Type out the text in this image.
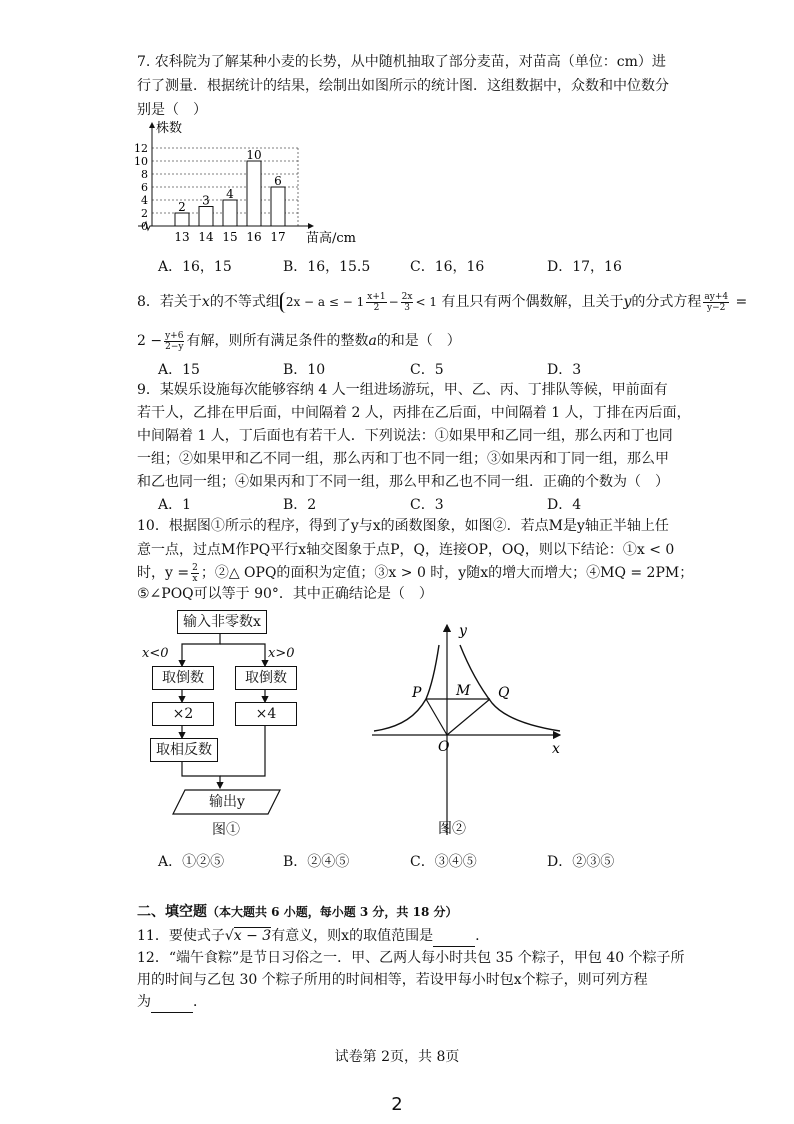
7. 农科院为了解某种小麦的长势，从中随机抽取了部分麦苗，对苗高（单位：cm）进
行了测量．根据统计的结果，绘制出如图所示的统计图．这组数据中，众数和中位数分
别是（　）
2 3 4
10
6
0
2
4
6
8
10
12
13 14 15 16 17
株数
苗高/cm
A．16，15	B．16，15.5	C．16，16	D．17，16
8．若关于x的不等式组 2x − a ≤ − $1 \frac{x+1}{2} - \frac{2x}{3} < 1$ 有且只有两个偶数解，且关于y的分式方程 $\frac{ay+4}{y-2}$ =
$2 - \frac{y+6}{2-y}$ 有解，则所有满足条件的整数a的和是（　）
A．15	B．10	C．5	D．3
9．某娱乐设施每次能够容纳 4 人一组进场游玩，甲、乙、丙、丁排队等候，甲前面有
若干人，乙排在甲后面，中间隔着 2 人，丙排在乙后面，中间隔着 1 人，丁排在丙后面，
中间隔着 1 人，丁后面也有若干人．下列说法：①如果甲和乙同一组，那么丙和丁也同
一组；②如果甲和乙不同一组，那么丙和丁也不同一组；③如果丙和丁同一组，那么甲
和乙也同一组；④如果丙和丁不同一组，那么甲和乙也不同一组．正确的个数为（　）
A．1	B．2	C．3	D．4
10．根据图①所示的程序，得到了y与x的函数图象，如图②．若点M是y轴正半轴上任
意一点，过点M作PQ平行x轴交图象于点P，Q，连接OP，OQ，则以下结论：①x < 0
时，$y = \frac{2}{x}$ ；②△ OPQ的面积为定值；③x > 0 时，y随x的增大而增大；④MQ = 2PM；
⑤∠POQ可以等于 90°．其中正确结论是（　）
输入非零数x
x<0	x>0
取倒数	取倒数
×2	×4
取相反数
输出y
图①
y
x
O
P M Q
图②
A．①②⑤	B．②④⑤	C．③④⑤	D．②③⑤
二、填空题（本大题共 6 小题，每小题 3 分，共 18 分）
11．要使式子√x − 3有意义，则x的取值范围是	.
12．“端午食粽”是节日习俗之一．甲、乙两人每小时共包 35 个粽子，甲包 40 个粽子所
用的时间与乙包 30 个粽子所用的时间相等，若设甲每小时包x个粽子，则可列方程
为	．
试卷第 2页，共 8页
2
